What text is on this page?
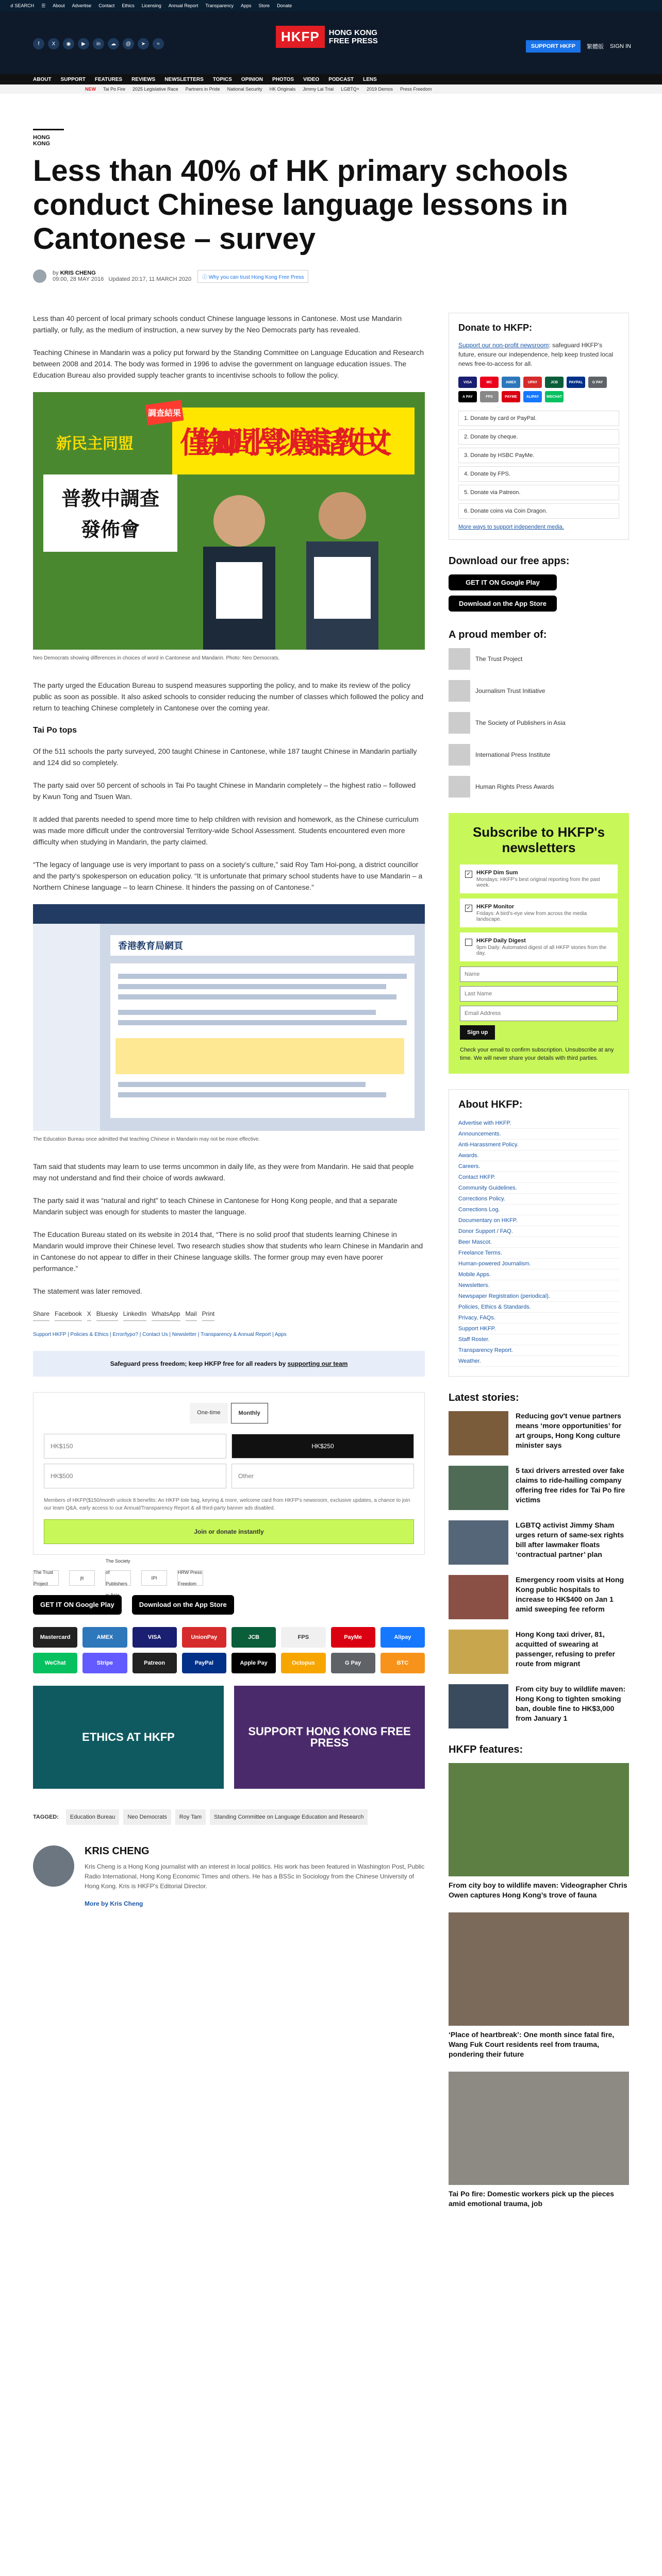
☌ SEARCH ☰ About Advertise Contact Ethics Licensing Annual Report Transparency Apps Store Donate
f	X	◉	▶	in	☁	@	➤	≈	HKFP	HONG KONG
FREE PRESS
SUPPORT HKFP	繁體版 SIGN IN
ABOUT SUPPORT FEATURES REVIEWS NEWSLETTERS TOPICS OPINION PHOTOS VIDEO PODCAST LENS
NEW Tai Po Fire 2025 Legislative Race Partners in Pride National Security HK Originals Jimmy Lai Trial LGBTQ+ 2019 Demos Press Freedom
HONG KONG
Less than 40% of HK primary schools conduct Chinese language lessons in Cantonese – survey
by KRIS CHENG
09:00, 28 MAY 2016 Updated 20:17, 11 MARCH 2020	ⓘ Why you can trust Hong Kong Free Press

Less than 40 percent of local primary schools conduct Chinese language lessons in Cantonese. Most use Mandarin partially, or fully, as the medium of instruction, a new survey by the Neo Democrats party has revealed.

Teaching Chinese in Mandarin was a policy put forward by the Standing Committee on Language Education and Research between 2008 and 2014. The body was formed in 1996 to advise the government on language education issues. The Education Bureau also provided supply teacher grants to incentivise schools to follow the policy.

僅餘200間小學以廣東話教中文！
調查結果
新民主同盟
普教中調查
發佈會
Neo Democrats showing differences in choices of word in Cantonese and Mandarin. Photo: Neo Democrats.

The party urged the Education Bureau to suspend measures supporting the policy, and to make its review of the policy public as soon as possible. It also asked schools to consider reducing the number of classes which followed the policy and return to teaching Chinese completely in Cantonese over the coming year.

Tai Po tops

Of the 511 schools the party surveyed, 200 taught Chinese in Cantonese, while 187 taught Chinese in Mandarin partially and 124 did so completely.

The party said over 50 percent of schools in Tai Po taught Chinese in Mandarin completely – the highest ratio – followed by Kwun Tong and Tsuen Wan.

It added that parents needed to spend more time to help children with revision and homework, as the Chinese curriculum was made more difficult under the controversial Territory-wide School Assessment. Students encountered even more difficulty when studying in Mandarin, the party claimed.

“The legacy of language use is very important to pass on a society’s culture,” said Roy Tam Hoi-pong, a district councillor and the party’s spokesperson on education policy. “It is unfortunate that primary school students have to use Mandarin – a Northern Chinese language – to learn Chinese. It hinders the passing on of Cantonese.”

香港教育局網頁
The Education Bureau once admitted that teaching Chinese in Mandarin may not be more effective.

Tam said that students may learn to use terms uncommon in daily life, as they were from Mandarin. He said that people may not understand and find their choice of words awkward.

The party said it was “natural and right” to teach Chinese in Cantonese for Hong Kong people, and that a separate Mandarin subject was enough for students to master the language.

The Education Bureau stated on its website in 2014 that, “There is no solid proof that students learning Chinese in Mandarin would improve their Chinese level. Two research studies show that students who learn Chinese in Mandarin and in Cantonese do not appear to differ in their Chinese language skills. The former group may even have poorer performance.”

The statement was later removed.

Share Facebook X Bluesky LinkedIn WhatsApp Mail Print
Support HKFP | Policies & Ethics | Error/typo? | Contact Us | Newsletter | Transparency & Annual Report | Apps
Safeguard press freedom; keep HKFP free for all readers by supporting our team
One-time	Monthly
HK$150	HK$250
HK$500	Other
Members of HKFP($150/month unlock 8 benefits: An HKFP tote bag, keyring & more, welcome card from HKFP's newsroom, exclusive updates, a chance to join our team Q&A, early access to our Annual/Transparency Report & all third-party banner ads disabled.
Join or donate instantly
The Trust Project
jti
The Society of Publishers
IPI
HRW Press Freedom
GET IT ON Google Play	Download on the App Store
Mastercard	AMEX	VISA	UnionPay	JCB	FPS	PayMe	Alipay
WeChat	Stripe	Patreon	PayPal	Apple Pay	Octopus	G Pay	BTC
ETHICS AT HKFP	SUPPORT HONG KONG FREE PRESS
TAGGED:	Education Bureau	Neo Democrats	Roy Tam	Standing Committee on Language Education and Research
KRIS CHENG

Kris Cheng is a Hong Kong journalist with an interest in local politics. His work has been featured in Washington Post, Public Radio International, Hong Kong Economic Times and others. He has a BSSc in Sociology from the Chinese University of Hong Kong. Kris is HKFP's Editorial Director.

More by Kris Cheng
Donate to HKFP:
Support our non-profit newsroom: safeguard HKFP’s future, ensure our independence, help keep trusted local news free-to-access for all.
VISA	MC	AMEX	UPAY	JCB	PAYPAL	G PAY
A PAY	FPS	PAYME	ALIPAY	WECHAT
1. Donate by card or PayPal.
2. Donate by cheque.
3. Donate by HSBC PayMe.
4. Donate by FPS.
5. Donate via Patreon.
6. Donate coins via Coin Dragon.
More ways to support independent media.
Download our free apps:
GET IT ON Google Play
Download on the App Store
A proud member of:
The Trust Project
Journalism Trust Initiative
The Society of Publishers in Asia
International Press Institute
Human Rights Press Awards
Subscribe to HKFP's newsletters
✓ HKFP Dim Sum
Mondays: HKFP's best original reporting from the past week.
✓ HKFP Monitor
Fridays: A bird's-eye view from across the media landscape.
HKFP Daily Digest
9pm Daily: Automated digest of all HKFP stories from the day.
Name Last Name Email Address Sign up
Check your email to confirm subscription. Unsubscribe at any time. We will never share your details with third parties.
About HKFP:
Advertise with HKFP.
Announcements.
Anti-Harassment Policy.
Awards.
Careers.
Contact HKFP.
Community Guidelines.
Corrections Policy.
Corrections Log.
Documentary on HKFP.
Donor Support / FAQ.
Beer Mascot.
Freelance Terms.
Human-powered Journalism.
Mobile Apps.
Newsletters.
Newspaper Registration (periodical).
Policies, Ethics & Standards.
Privacy, FAQs.
Support HKFP.
Staff Roster.
Transparency Report.
Weather.
Latest stories:

Reducing gov't venue partners means ‘more opportunities’ for art groups, Hong Kong culture minister says

5 taxi drivers arrested over fake claims to ride-hailing company offering free rides for Tai Po fire victims

LGBTQ activist Jimmy Sham urges return of same-sex rights bill after lawmaker floats ‘contractual partner’ plan

Emergency room visits at Hong Kong public hospitals to increase to HK$400 on Jan 1 amid sweeping fee reform

Hong Kong taxi driver, 81, acquitted of swearing at passenger, refusing to prefer route from migrant

From city buy to wildlife maven: Hong Kong to tighten smoking ban, double fine to HK$3,000 from January 1

HKFP features:

From city boy to wildlife maven: Videographer Chris Owen captures Hong Kong’s trove of fauna

‘Place of heartbreak’: One month since fatal fire, Wang Fuk Court residents reel from trauma, pondering their future

Tai Po fire: Domestic workers pick up the pieces amid emotional trauma, job
